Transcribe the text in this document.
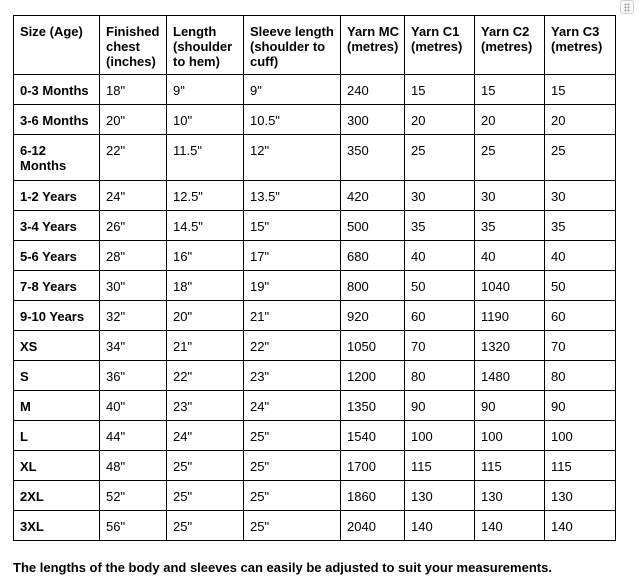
Size (Age)	Finished chest (inches)	Length (shoulder to hem)	Sleeve length (shoulder to cuff)	Yarn MC (metres)	Yarn C1 (metres)	Yarn C2 (metres)	Yarn C3 (metres)
0-3 Months	18"	9"	9"	240	15	15	15
3-6 Months	20"	10"	10.5"	300	20	20	20
6-12 Months	22"	11.5"	12"	350	25	25	25
1-2 Years	24"	12.5"	13.5"	420	30	30	30
3-4 Years	26"	14.5"	15"	500	35	35	35
5-6 Years	28"	16"	17"	680	40	40	40
7-8 Years	30"	18"	19"	800	50	1040	50
9-10 Years	32"	20"	21"	920	60	1190	60
XS	34"	21"	22"	1050	70	1320	70
S	36"	22"	23"	1200	80	1480	80
M	40"	23"	24"	1350	90	90	90
L	44"	24"	25"	1540	100	100	100
XL	48"	25"	25"	1700	115	115	115
2XL	52"	25"	25"	1860	130	130	130
3XL	56"	25"	25"	2040	140	140	140
The lengths of the body and sleeves can easily be adjusted to suit your measurements.
